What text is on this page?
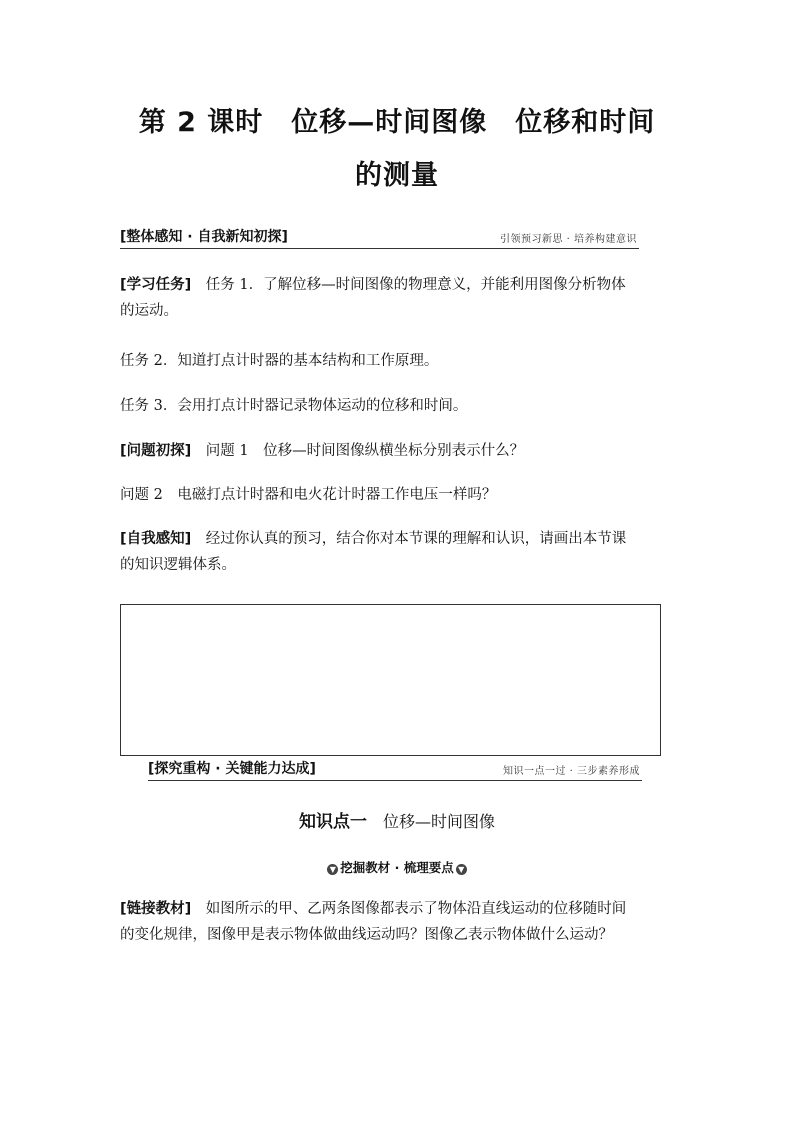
第 2 课时　位移—时间图像　位移和时间
的测量
[整体感知 · 自我新知初探]	引领预习新思 · 培养构建意识
[学习任务]　 任务 1．了解位移—时间图像的物理意义，并能利用图像分析物体
的运动。
任务 2．知道打点计时器的基本结构和工作原理。
任务 3．会用打点计时器记录物体运动的位移和时间。
[问题初探]　 问题 1　位移—时间图像纵横坐标分别表示什么？
问题 2　电磁打点计时器和电火花计时器工作电压一样吗？
[自我感知]　 经过你认真的预习，结合你对本节课的理解和认识，请画出本节课
的知识逻辑体系。
[探究重构 · 关键能力达成]	知识一点一过 · 三步素养形成
知识点一　 位移—时间图像
▼ 挖掘教材 · 梳理要点 ▼
[链接教材]　 如图所示的甲、乙两条图像都表示了物体沿直线运动的位移随时间
的变化规律，图像甲是表示物体做曲线运动吗？图像乙表示物体做什么运动？
